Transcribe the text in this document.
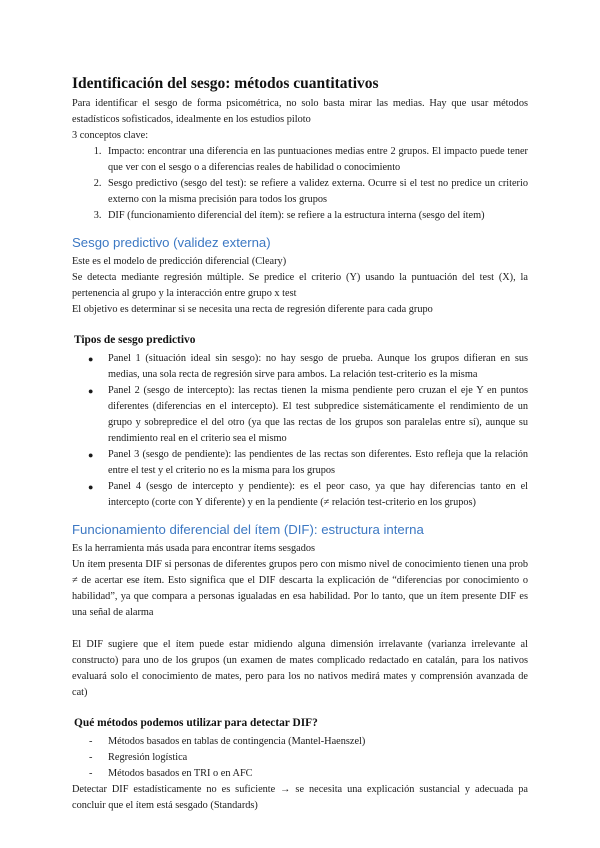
Identificación del sesgo: métodos cuantitativos

Para identificar el sesgo de forma psicométrica, no solo basta mirar las medias. Hay que usar métodos estadísticos sofisticados, idealmente en los estudios piloto

3 conceptos clave:

1. Impacto: encontrar una diferencia en las puntuaciones medias entre 2 grupos. El impacto puede tener que ver con el sesgo o a diferencias reales de habilidad o conocimiento
2. Sesgo predictivo (sesgo del test): se refiere a validez externa. Ocurre si el test no predice un criterio externo con la misma precisión para todos los grupos
3. DIF (funcionamiento diferencial del ítem): se refiere a la estructura interna (sesgo del ítem)
Sesgo predictivo (validez externa)

Este es el modelo de predicción diferencial (Cleary)

Se detecta mediante regresión múltiple. Se predice el criterio (Y) usando la puntuación del test (X), la pertenencia al grupo y la interacción entre grupo x test

El objetivo es determinar si se necesita una recta de regresión diferente para cada grupo

Tipos de sesgo predictivo
● Panel 1 (situación ideal sin sesgo): no hay sesgo de prueba. Aunque los grupos difieran en sus medias, una sola recta de regresión sirve para ambos. La relación test-criterio es la misma
● Panel 2 (sesgo de intercepto): las rectas tienen la misma pendiente pero cruzan el eje Y en puntos diferentes (diferencias en el intercepto). El test subpredice sistemáticamente el rendimiento de un grupo y sobrepredice el del otro (ya que las rectas de los grupos son paralelas entre sí), aunque su rendimiento real en el criterio sea el mismo
● Panel 3 (sesgo de pendiente): las pendientes de las rectas son diferentes. Esto refleja que la relación entre el test y el criterio no es la misma para los grupos
● Panel 4 (sesgo de intercepto y pendiente): es el peor caso, ya que hay diferencias tanto en el intercepto (corte con Y diferente) y en la pendiente (≠ relación test-criterio en los grupos)
Funcionamiento diferencial del ítem (DIF): estructura interna

Es la herramienta más usada para encontrar ítems sesgados

Un ítem presenta DIF si personas de diferentes grupos pero con mismo nivel de conocimiento tienen una prob ≠ de acertar ese ítem. Esto significa que el DIF descarta la explicación de “diferencias por conocimiento o habilidad”, ya que compara a personas igualadas en esa habilidad. Por lo tanto, que un ítem presente DIF es una señal de alarma

El DIF sugiere que el ítem puede estar midiendo alguna dimensión irrelavante (varianza irrelevante al constructo) para uno de los grupos (un examen de mates complicado redactado en catalán, para los nativos evaluará solo el conocimiento de mates, pero para los no nativos medirá mates y comprensión avanzada de cat)

Qué métodos podemos utilizar para detectar DIF?
- Métodos basados en tablas de contingencia (Mantel-Haenszel)
- Regresión logística
- Métodos basados en TRI o en AFC

Detectar DIF estadísticamente no es suficiente → se necesita una explicación sustancial y adecuada pa concluir que el ítem está sesgado (Standards)
